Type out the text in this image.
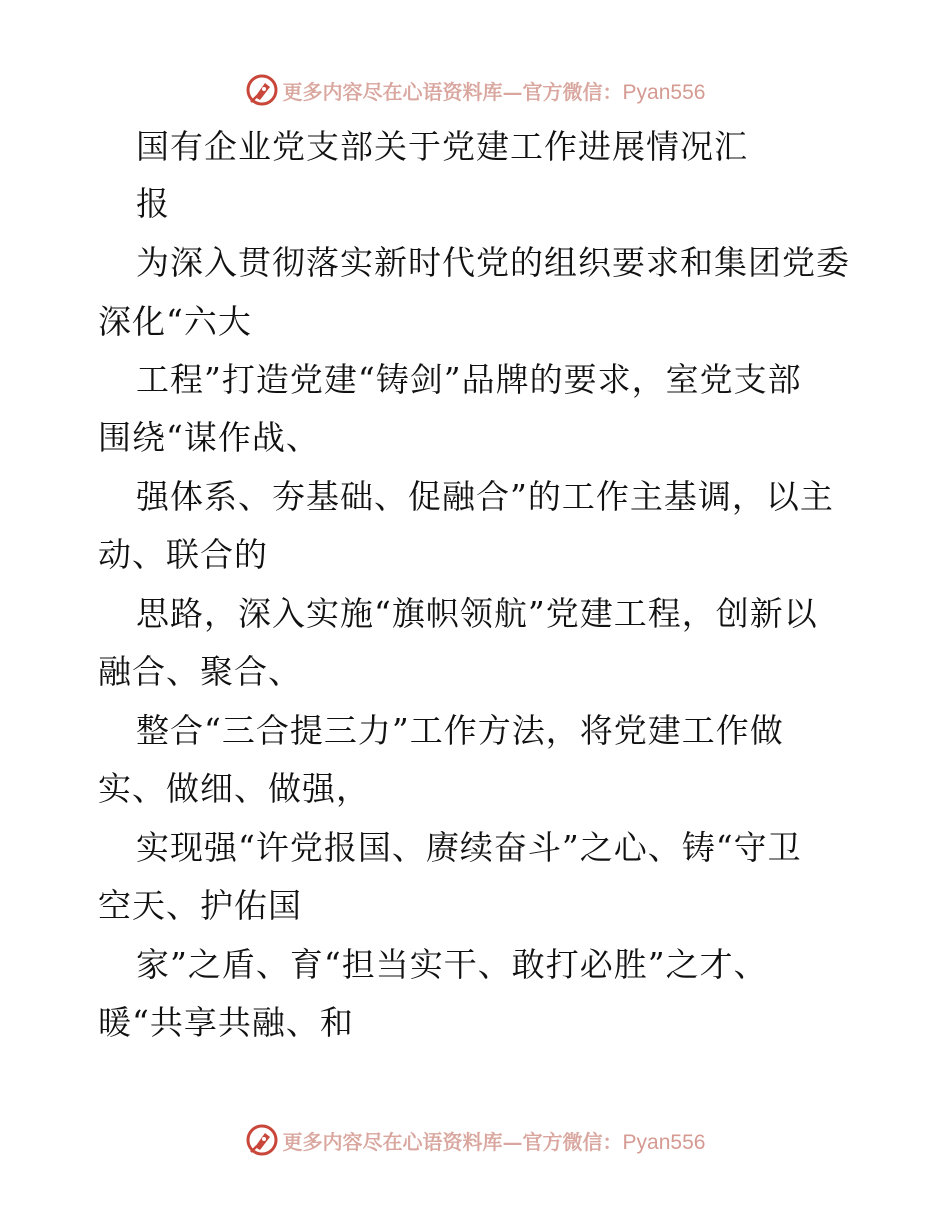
更多内容尽在心语资料库—官方微信：Pyan556
国有企业党支部关于党建工作进展情况汇
报
为深入贯彻落实新时代党的组织要求和集团党委
深化“六大
工程”打造党建“铸剑”品牌的要求，室党支部
围绕“谋作战、
强体系、夯基础、促融合”的工作主基调，以主
动、联合的
思路，深入实施“旗帜领航”党建工程，创新以
融合、聚合、
整合“三合提三力”工作方法，将党建工作做
实、做细、做强，
实现强“许党报国、赓续奋斗”之心、铸“守卫
空天、护佑国
家”之盾、育“担当实干、敢打必胜”之才、
暖“共享共融、和
更多内容尽在心语资料库—官方微信：Pyan556
